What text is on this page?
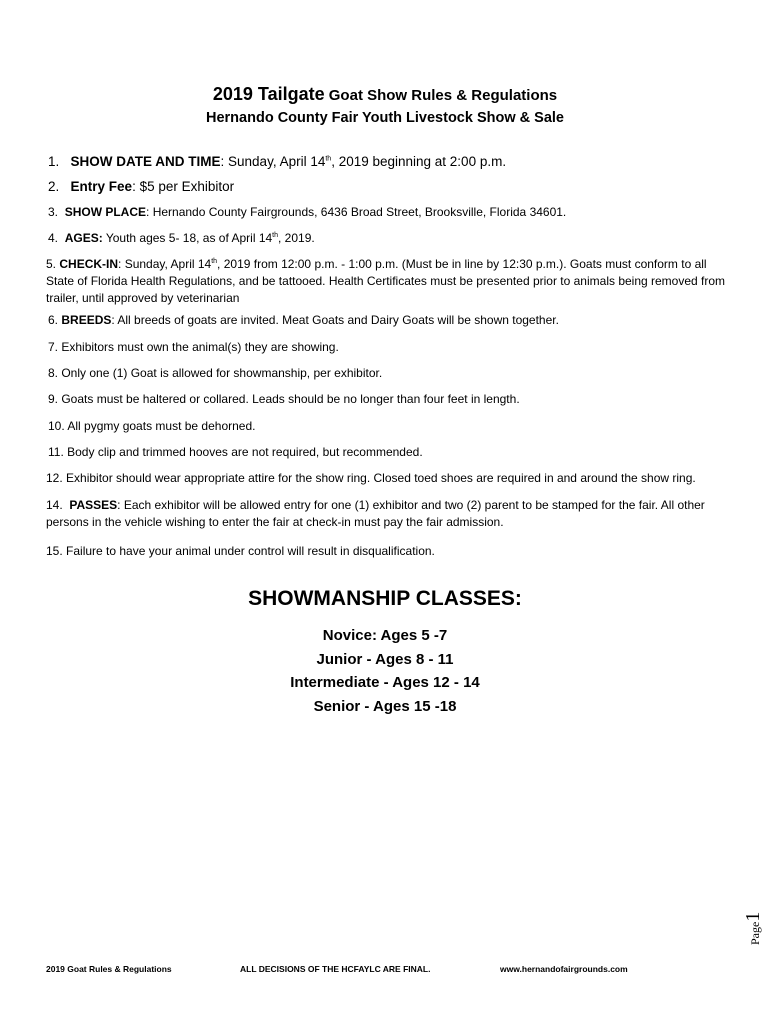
2019 Tailgate Goat Show Rules & Regulations
Hernando County Fair Youth Livestock Show & Sale
1. SHOW DATE AND TIME: Sunday, April 14th, 2019 beginning at 2:00 p.m.
2. Entry Fee: $5 per Exhibitor
3. SHOW PLACE: Hernando County Fairgrounds, 6436 Broad Street, Brooksville, Florida 34601.
4. AGES: Youth ages 5- 18, as of April 14th, 2019.
5. CHECK-IN: Sunday, April 14th, 2019 from 12:00 p.m. - 1:00 p.m. (Must be in line by 12:30 p.m.). Goats must conform to all State of Florida Health Regulations, and be tattooed. Health Certificates must be presented prior to animals being removed from trailer, until approved by veterinarian
6. BREEDS: All breeds of goats are invited. Meat Goats and Dairy Goats will be shown together.
7. Exhibitors must own the animal(s) they are showing.
8. Only one (1) Goat is allowed for showmanship, per exhibitor.
9. Goats must be haltered or collared. Leads should be no longer than four feet in length.
10. All pygmy goats must be dehorned.
11. Body clip and trimmed hooves are not required, but recommended.
12. Exhibitor should wear appropriate attire for the show ring. Closed toed shoes are required in and around the show ring.
14. PASSES: Each exhibitor will be allowed entry for one (1) exhibitor and two (2) parent to be stamped for the fair. All other persons in the vehicle wishing to enter the fair at check-in must pay the fair admission.
15. Failure to have your animal under control will result in disqualification.
SHOWMANSHIP CLASSES:
Novice: Ages 5 -7
Junior - Ages 8 - 11
Intermediate - Ages 12 - 14
Senior - Ages 15 -18
Page1
2019 Goat Rules & Regulations	ALL DECISIONS OF THE HCFAYLC ARE FINAL.	www.hernandofairgrounds.com
